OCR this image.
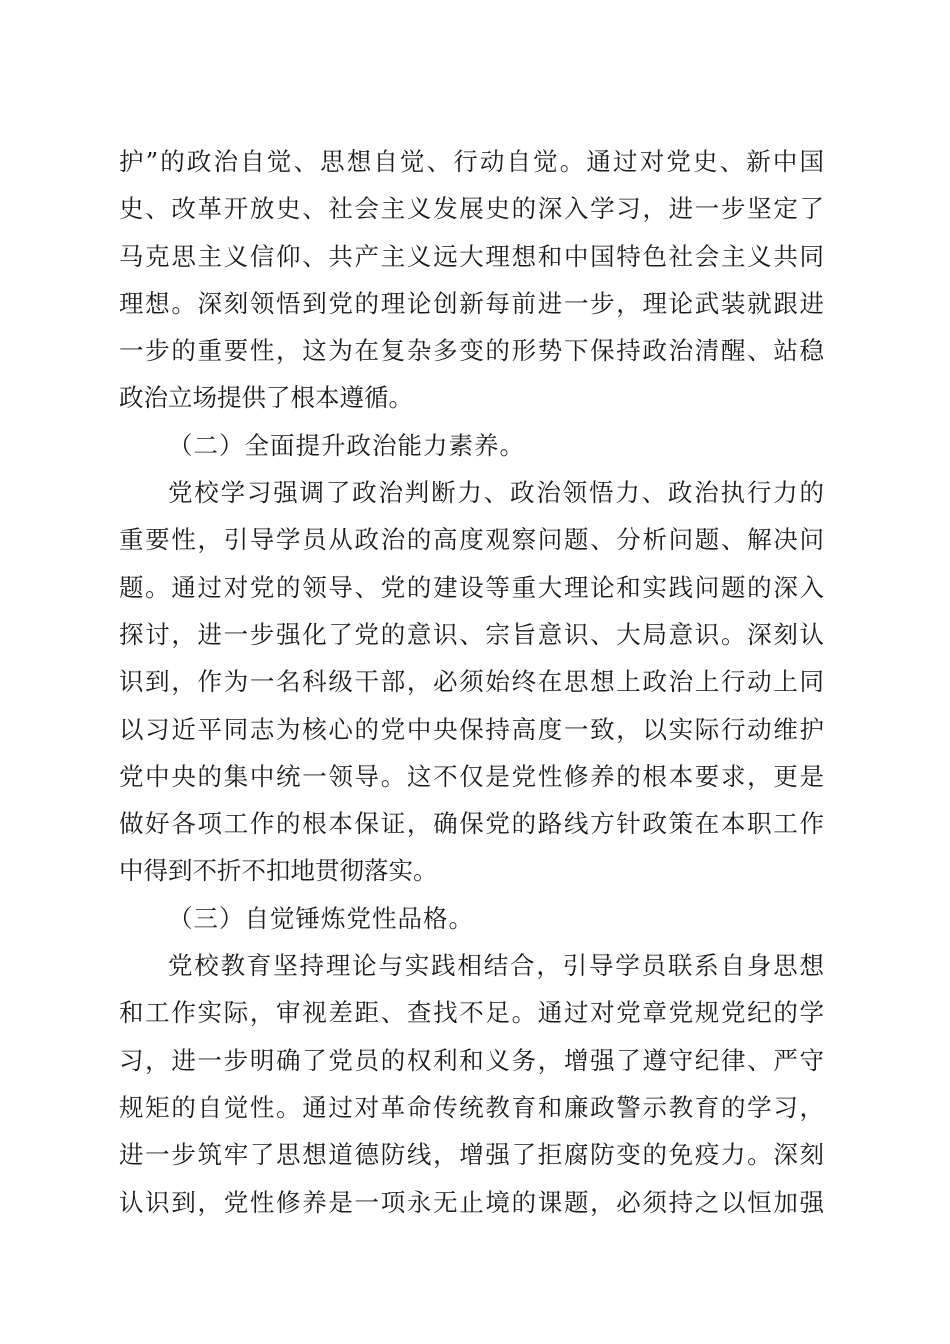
护”的政治自觉、思想自觉、行动自觉。通过对党史、新中国
史、改革开放史、社会主义发展史的深入学习，进一步坚定了
马克思主义信仰、共产主义远大理想和中国特色社会主义共同
理想。深刻领悟到党的理论创新每前进一步，理论武装就跟进
一步的重要性，这为在复杂多变的形势下保持政治清醒、站稳
政治立场提供了根本遵循。
（二）全面提升政治能力素养。
党校学习强调了政治判断力、政治领悟力、政治执行力的
重要性，引导学员从政治的高度观察问题、分析问题、解决问
题。通过对党的领导、党的建设等重大理论和实践问题的深入
探讨，进一步强化了党的意识、宗旨意识、大局意识。深刻认
识到，作为一名科级干部，必须始终在思想上政治上行动上同
以习近平同志为核心的党中央保持高度一致，以实际行动维护
党中央的集中统一领导。这不仅是党性修养的根本要求，更是
做好各项工作的根本保证，确保党的路线方针政策在本职工作
中得到不折不扣地贯彻落实。
（三）自觉锤炼党性品格。
党校教育坚持理论与实践相结合，引导学员联系自身思想
和工作实际，审视差距、查找不足。通过对党章党规党纪的学
习，进一步明确了党员的权利和义务，增强了遵守纪律、严守
规矩的自觉性。通过对革命传统教育和廉政警示教育的学习，
进一步筑牢了思想道德防线，增强了拒腐防变的免疫力。深刻
认识到，党性修养是一项永无止境的课题，必须持之以恒加强
